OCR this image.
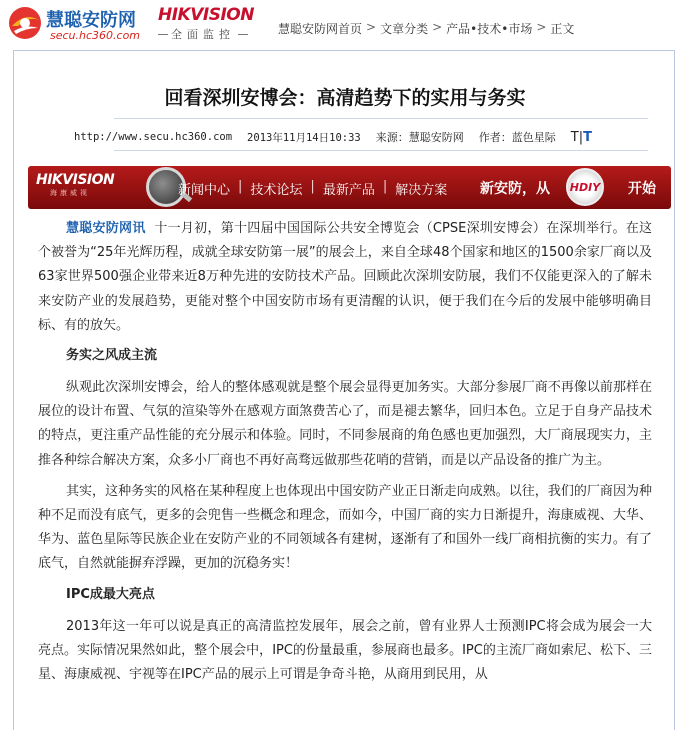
慧聪安防网
secu.hc360.com
HIKVISION
全面监控	慧聪安防网首页 > 文章分类 > 产品•技术•市场 > 正文
回看深圳安博会：高清趋势下的实用与务实
http://www.secu.hc360.com 2013年11月14日10:33 来源：慧聪安防网 作者：蓝色星际 T|T
HIKVISION
海康威视	新闻中心 | 技术论坛 | 最新产品 | 解决方案 新安防，从	HDIY 开始

慧聪安防网讯 十一月初，第十四届中国国际公共安全博览会（CPSE深圳安博会）在深圳举行。在这个被誉为“25年光辉历程，成就全球安防第一展”的展会上，来自全球48个国家和地区的1500余家厂商以及63家世界500强企业带来近8万种先进的安防技术产品。回顾此次深圳安防展，我们不仅能更深入的了解未来安防产业的发展趋势，更能对整个中国安防市场有更清醒的认识，便于我们在今后的发展中能够明确目标、有的放矢。

务实之风成主流

纵观此次深圳安博会，给人的整体感观就是整个展会显得更加务实。大部分参展厂商不再像以前那样在展位的设计布置、气氛的渲染等外在感观方面煞费苦心了，而是褪去繁华，回归本色。立足于自身产品技术的特点，更注重产品性能的充分展示和体验。同时，不同参展商的角色感也更加强烈，大厂商展现实力，主推各种综合解决方案，众多小厂商也不再好高骛远做那些花哨的营销，而是以产品设备的推广为主。

其实，这种务实的风格在某种程度上也体现出中国安防产业正日渐走向成熟。以往，我们的厂商因为种种不足而没有底气，更多的会兜售一些概念和理念，而如今，中国厂商的实力日渐提升，海康威视、大华、华为、蓝色星际等民族企业在安防产业的不同领域各有建树，逐渐有了和国外一线厂商相抗衡的实力。有了底气，自然就能摒弃浮躁，更加的沉稳务实！

IPC成最大亮点

2013年这一年可以说是真正的高清监控发展年，展会之前，曾有业界人士预测IPC将会成为展会一大亮点。实际情况果然如此，整个展会中，IPC的份量最重，参展商也最多。IPC的主流厂商如索尼、松下、三星、海康威视、宇视等在IPC产品的展示上可谓是争奇斗艳，从商用到民用，从
